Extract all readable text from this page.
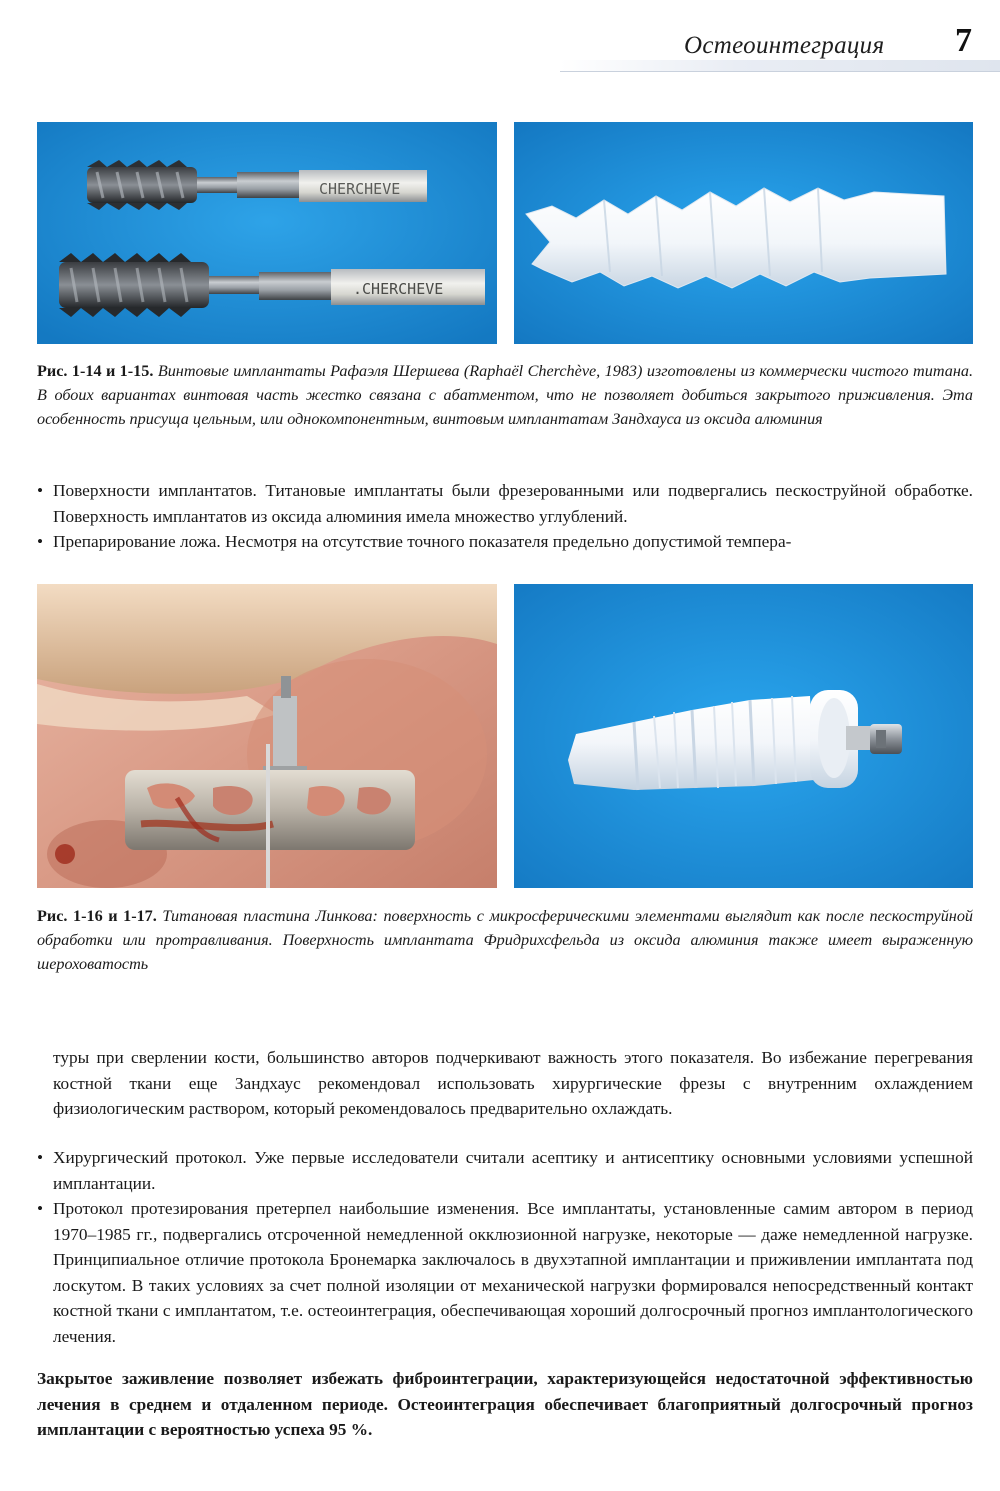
Остеоинтеграция 7
CHERCHEVE
.CHERCHEVE
Рис. 1-14 и 1-15. Винтовые имплантаты Рафаэля Шершева (Raphaël Cherchève, 1983) изготовлены из коммерчески чистого титана. В обоих вариантах винтовая часть жестко связана с абатментом, что не позволяет добиться закрытого приживления. Эта особенность присуща цельным, или однокомпонентным, винтовым имплантатам Зандхауса из оксида алюминия
• Поверхности имплантатов. Титановые имплантаты были фрезерованными или подвергались пескоструйной обработке. Поверхность имплантатов из оксида алюминия имела множество углублений.
• Препарирование ложа. Несмотря на отсутствие точного показателя предельно допустимой темпера-
Рис. 1-16 и 1-17. Титановая пластина Линкова: поверхность с микросферическими элементами выглядит как после пескоструйной обработки или протравливания. Поверхность имплантата Фридрихсфельда из оксида алюминия также имеет выраженную шероховатость
туры при сверлении кости, большинство авторов подчеркивают важность этого показателя. Во избежание перегревания костной ткани еще Зандхаус рекомендовал использовать хирургические фрезы с внутренним охлаждением физиологическим раствором, который рекомендовалось предварительно охлаждать.
• Хирургический протокол. Уже первые исследователи считали асептику и антисептику основными условиями успешной имплантации.
• Протокол протезирования претерпел наибольшие изменения. Все имплантаты, установленные самим автором в период 1970–1985 гг., подвергались отсроченной немедленной окклюзионной нагрузке, некоторые — даже немедленной нагрузке. Принципиальное отличие протокола Бронемарка заключалось в двухэтапной имплантации и приживлении имплантата под лоскутом. В таких условиях за счет полной изоляции от механической нагрузки формировался непосредственный контакт костной ткани с имплантатом, т.е. остеоинтеграция, обеспечивающая хороший долгосрочный прогноз имплантологического лечения.
Закрытое заживление позволяет избежать фиброинтеграции, характеризующейся недостаточной эффективностью лечения в среднем и отдаленном периоде. Остеоинтеграция обеспечивает благоприятный долгосрочный прогноз имплантации с вероятностью успеха 95 %.
